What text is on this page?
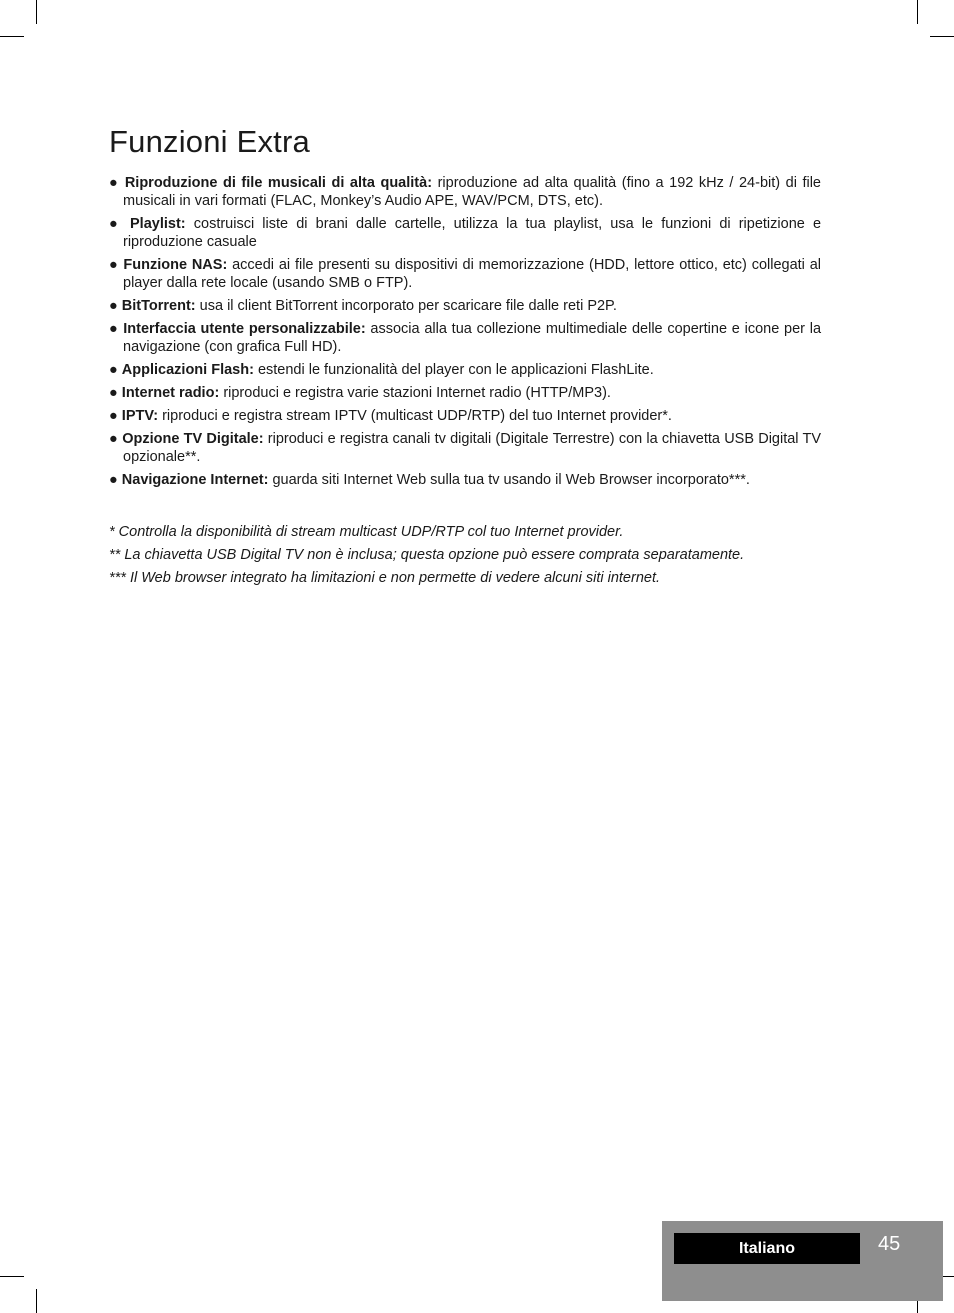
Funzioni Extra
● Riproduzione di file musicali di alta qualità: riproduzione ad alta qualità (fino a 192 kHz / 24-bit) di file musicali in vari formati (FLAC, Monkey’s Audio APE, WAV/PCM, DTS, etc).
● Playlist: costruisci liste di brani dalle cartelle, utilizza la tua playlist, usa le funzioni di ripetizione e riproduzione casuale
● Funzione NAS: accedi ai file presenti su dispositivi di memorizzazione (HDD, lettore ottico, etc) collegati al player dalla rete locale (usando SMB o FTP).
● BitTorrent: usa il client BitTorrent incorporato per scaricare file dalle reti P2P.
● Interfaccia utente personalizzabile: associa alla tua collezione multimediale delle copertine e icone per la navigazione (con grafica Full HD).
● Applicazioni Flash: estendi le funzionalità del player con le applicazioni FlashLite.
● Internet radio: riproduci e registra varie stazioni Internet radio (HTTP/MP3).
● IPTV: riproduci e registra stream IPTV (multicast UDP/RTP) del tuo Internet provider*.
● Opzione TV Digitale: riproduci e registra canali tv digitali (Digitale Terrestre) con la chiavetta USB Digital TV opzionale**.
● Navigazione Internet: guarda siti Internet Web sulla tua tv usando il Web Browser incorporato***.

* Controlla la disponibilità di stream multicast UDP/RTP col tuo Internet provider.

** La chiavetta USB Digital TV non è inclusa; questa opzione può essere comprata separatamente.

*** Il Web browser integrato ha limitazioni e non permette di vedere alcuni siti internet.

Italiano	45
